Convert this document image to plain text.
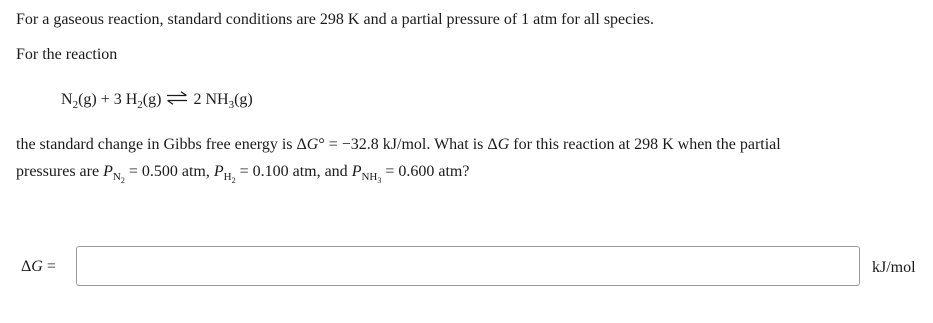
For a gaseous reaction, standard conditions are 298 K and a partial pressure of 1 atm for all species.
For the reaction
$N_2(g) + 3$ $H_2(g)$ ⇌ 2 $NH_3(g)$
the standard change in Gibbs free energy is ΔG° = −32.8 kJ/mol. What is ΔG for this reaction at 298 K when the partial
pressures are $P_{N_2} = 0.500$ atm, $P_{H_2} = 0.100$ atm, and $P_{NH_3} = 0.600$ atm?
ΔG =	kJ/mol
